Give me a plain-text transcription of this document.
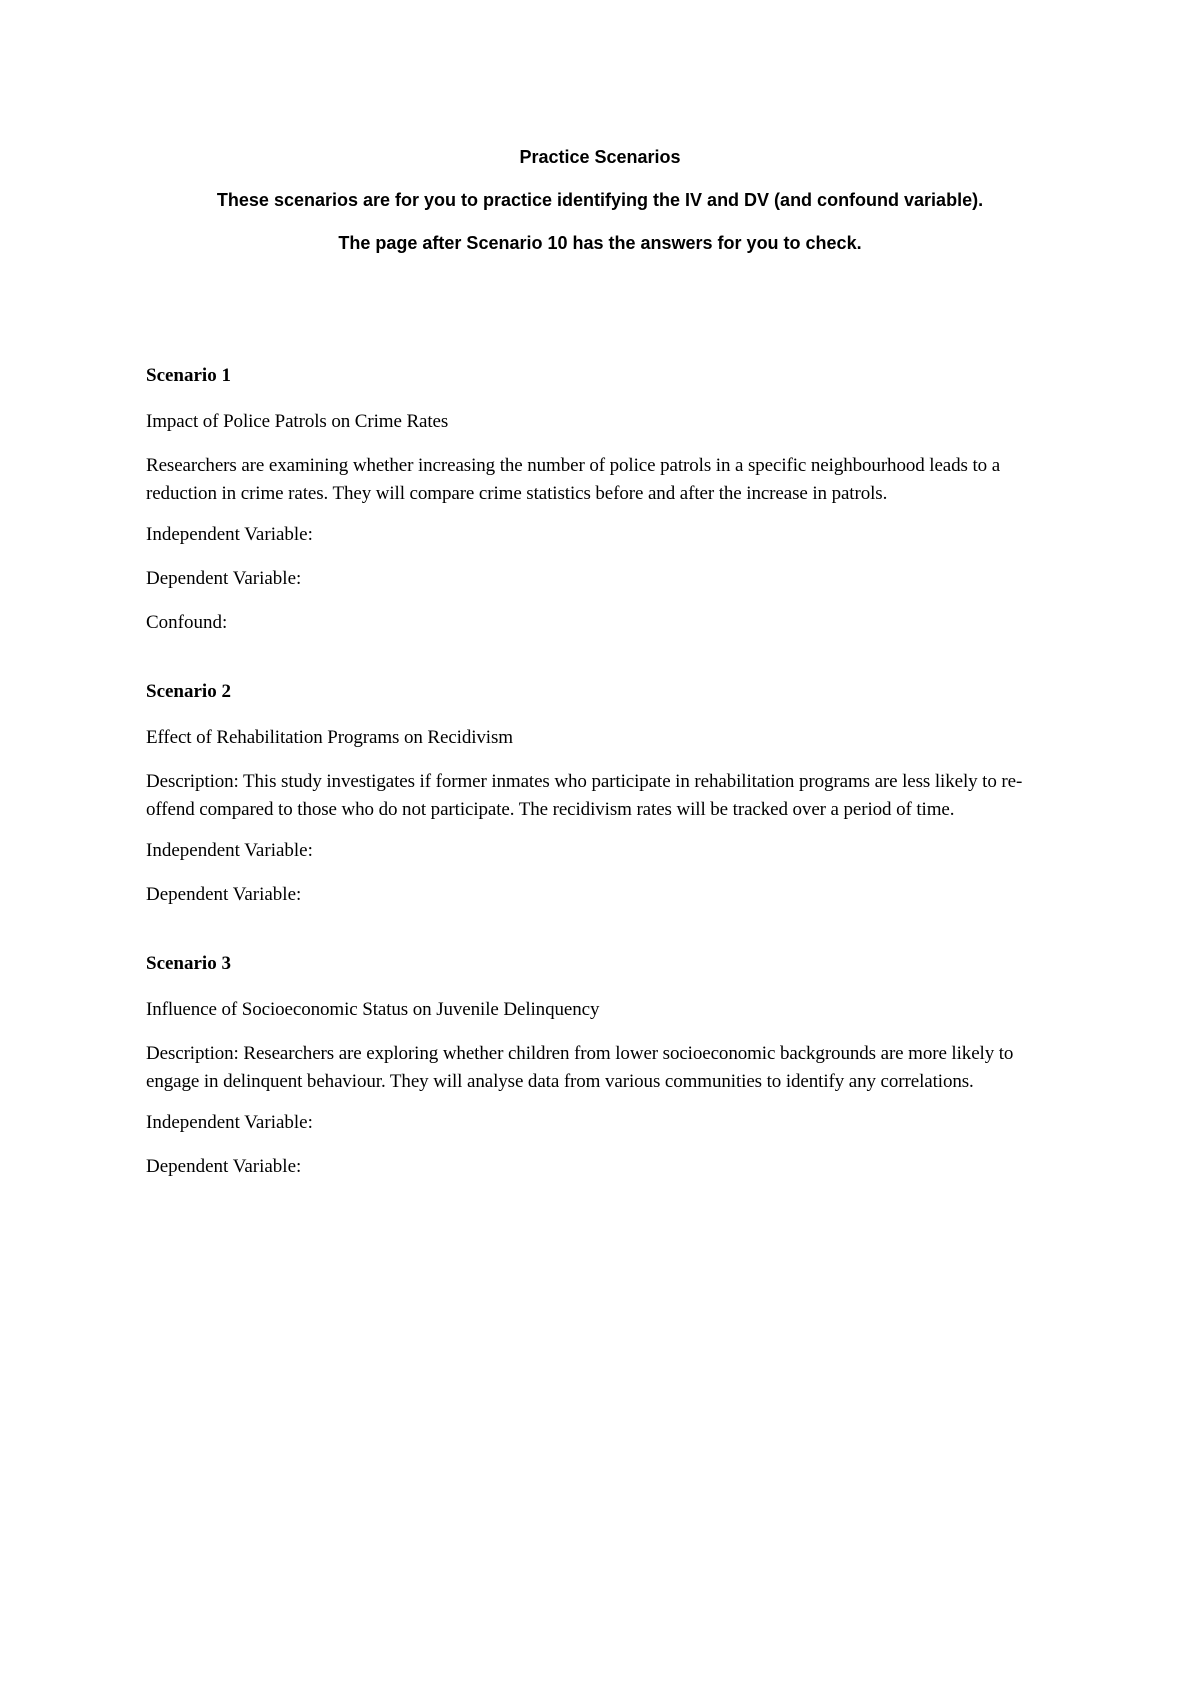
Practice Scenarios
These scenarios are for you to practice identifying the IV and DV (and confound variable).
The page after Scenario 10 has the answers for you to check.
Scenario 1
Impact of Police Patrols on Crime Rates
Researchers are examining whether increasing the number of police patrols in a specific neighbourhood leads to a reduction in crime rates. They will compare crime statistics before and after the increase in patrols.
Independent Variable:
Dependent Variable:
Confound:
Scenario 2
Effect of Rehabilitation Programs on Recidivism
Description: This study investigates if former inmates who participate in rehabilitation programs are less likely to re-offend compared to those who do not participate. The recidivism rates will be tracked over a period of time.
Independent Variable:
Dependent Variable:
Scenario 3
Influence of Socioeconomic Status on Juvenile Delinquency
Description: Researchers are exploring whether children from lower socioeconomic backgrounds are more likely to engage in delinquent behaviour. They will analyse data from various communities to identify any correlations.
Independent Variable:
Dependent Variable:
